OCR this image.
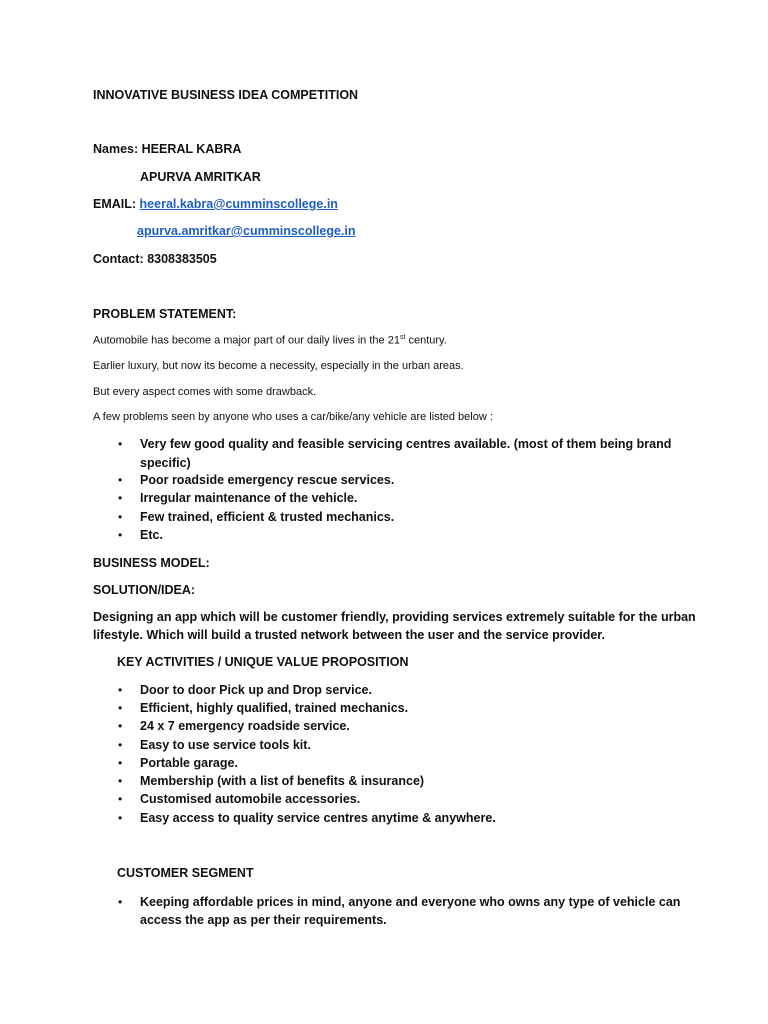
INNOVATIVE BUSINESS IDEA COMPETITION
Names: HEERAL KABRA
APURVA AMRITKAR
EMAIL: heeral.kabra@cumminscollege.in
apurva.amritkar@cumminscollege.in
Contact: 8308383505
PROBLEM STATEMENT:
Automobile has become a major part of our daily lives in the 21st century.
Earlier luxury, but now its become a necessity, especially in the urban areas.
But every aspect comes with some drawback.
A few problems seen by anyone who uses a car/bike/any vehicle are listed below :
• Very few good quality and feasible servicing centres available. (most of them being brand
specific)
• Poor roadside emergency rescue services.
• Irregular maintenance of the vehicle.
• Few trained, efficient & trusted mechanics.
• Etc.
BUSINESS MODEL:
SOLUTION/IDEA:
Designing an app which will be customer friendly, providing services extremely suitable for the urban
lifestyle. Which will build a trusted network between the user and the service provider.
KEY ACTIVITIES / UNIQUE VALUE PROPOSITION
• Door to door Pick up and Drop service.
• Efficient, highly qualified, trained mechanics.
• 24 x 7 emergency roadside service.
• Easy to use service tools kit.
• Portable garage.
• Membership (with a list of benefits & insurance)
• Customised automobile accessories.
• Easy access to quality service centres anytime & anywhere.
CUSTOMER SEGMENT
• Keeping affordable prices in mind, anyone and everyone who owns any type of vehicle can
access the app as per their requirements.
